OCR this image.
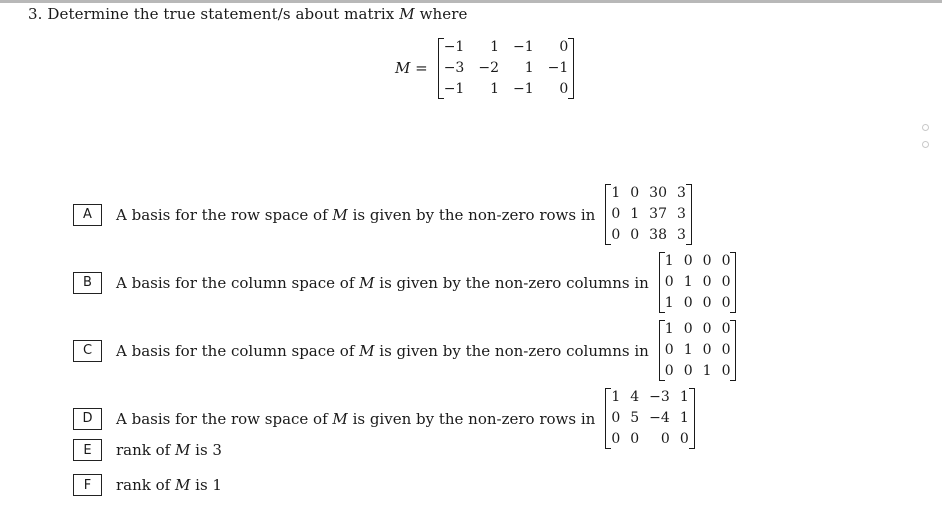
3. Determine the true statement/s about matrix M where
M =
−1	1 −1	0
−3 −2	1 −1
−1	1 −1	0
A	A basis for the row space of M is given by the non-zero rows in
1 0 30 3
0 1 37 3
0 0 38 3
B	A basis for the column space of M is given by the non-zero columns in
1 0 0 0
0 1 0 0
1 0 0 0
C	A basis for the column space of M is given by the non-zero columns in
1 0 0 0
0 1 0 0
0 0 1 0
D	A basis for the row space of M is given by the non-zero rows in
1 4 −3 1
0 5 −4 1
0 0	0 0
E	rank of M is 3
F	rank of M is 1
